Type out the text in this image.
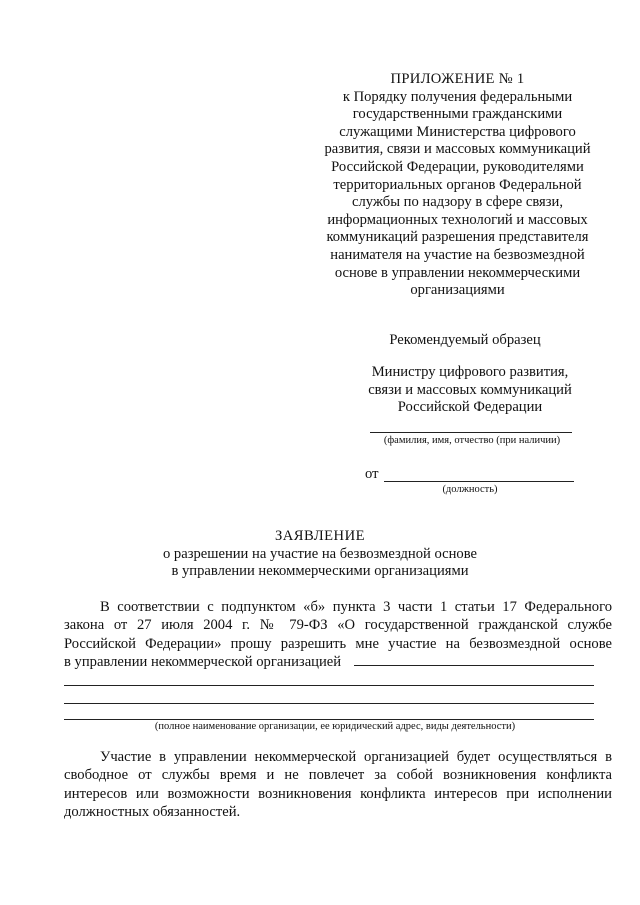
ПРИЛОЖЕНИЕ № 1
к Порядку получения федеральными
государственными гражданскими
служащими Министерства цифрового
развития, связи и массовых коммуникаций
Российской Федерации, руководителями
территориальных органов Федеральной
службы по надзору в сфере связи,
информационных технологий и массовых
коммуникаций разрешения представителя
нанимателя на участие на безвозмездной
основе в управлении некоммерческими
организациями
Рекомендуемый образец
Министру цифрового развития,
связи и массовых коммуникаций
Российской Федерации
(фамилия, имя, отчество (при наличии)
от
(должность)
ЗАЯВЛЕНИЕ
о разрешении на участие на безвозмездной основе
в управлении некоммерческими организациями
В соответствии с подпунктом «б» пункта 3 части 1 статьи 17 Федерального
закона от 27 июля 2004 г. № 79-ФЗ «О государственной гражданской службе
Российской Федерации» прошу разрешить мне участие на безвозмездной основе
в управлении некоммерческой организацией
(полное наименование организации, ее юридический адрес, виды деятельности)
Участие в управлении некоммерческой организацией будет осуществляться в свободное от службы время и не повлечет за собой возникновения конфликта интересов или возможности возникновения конфликта интересов при исполнении должностных обязанностей.
